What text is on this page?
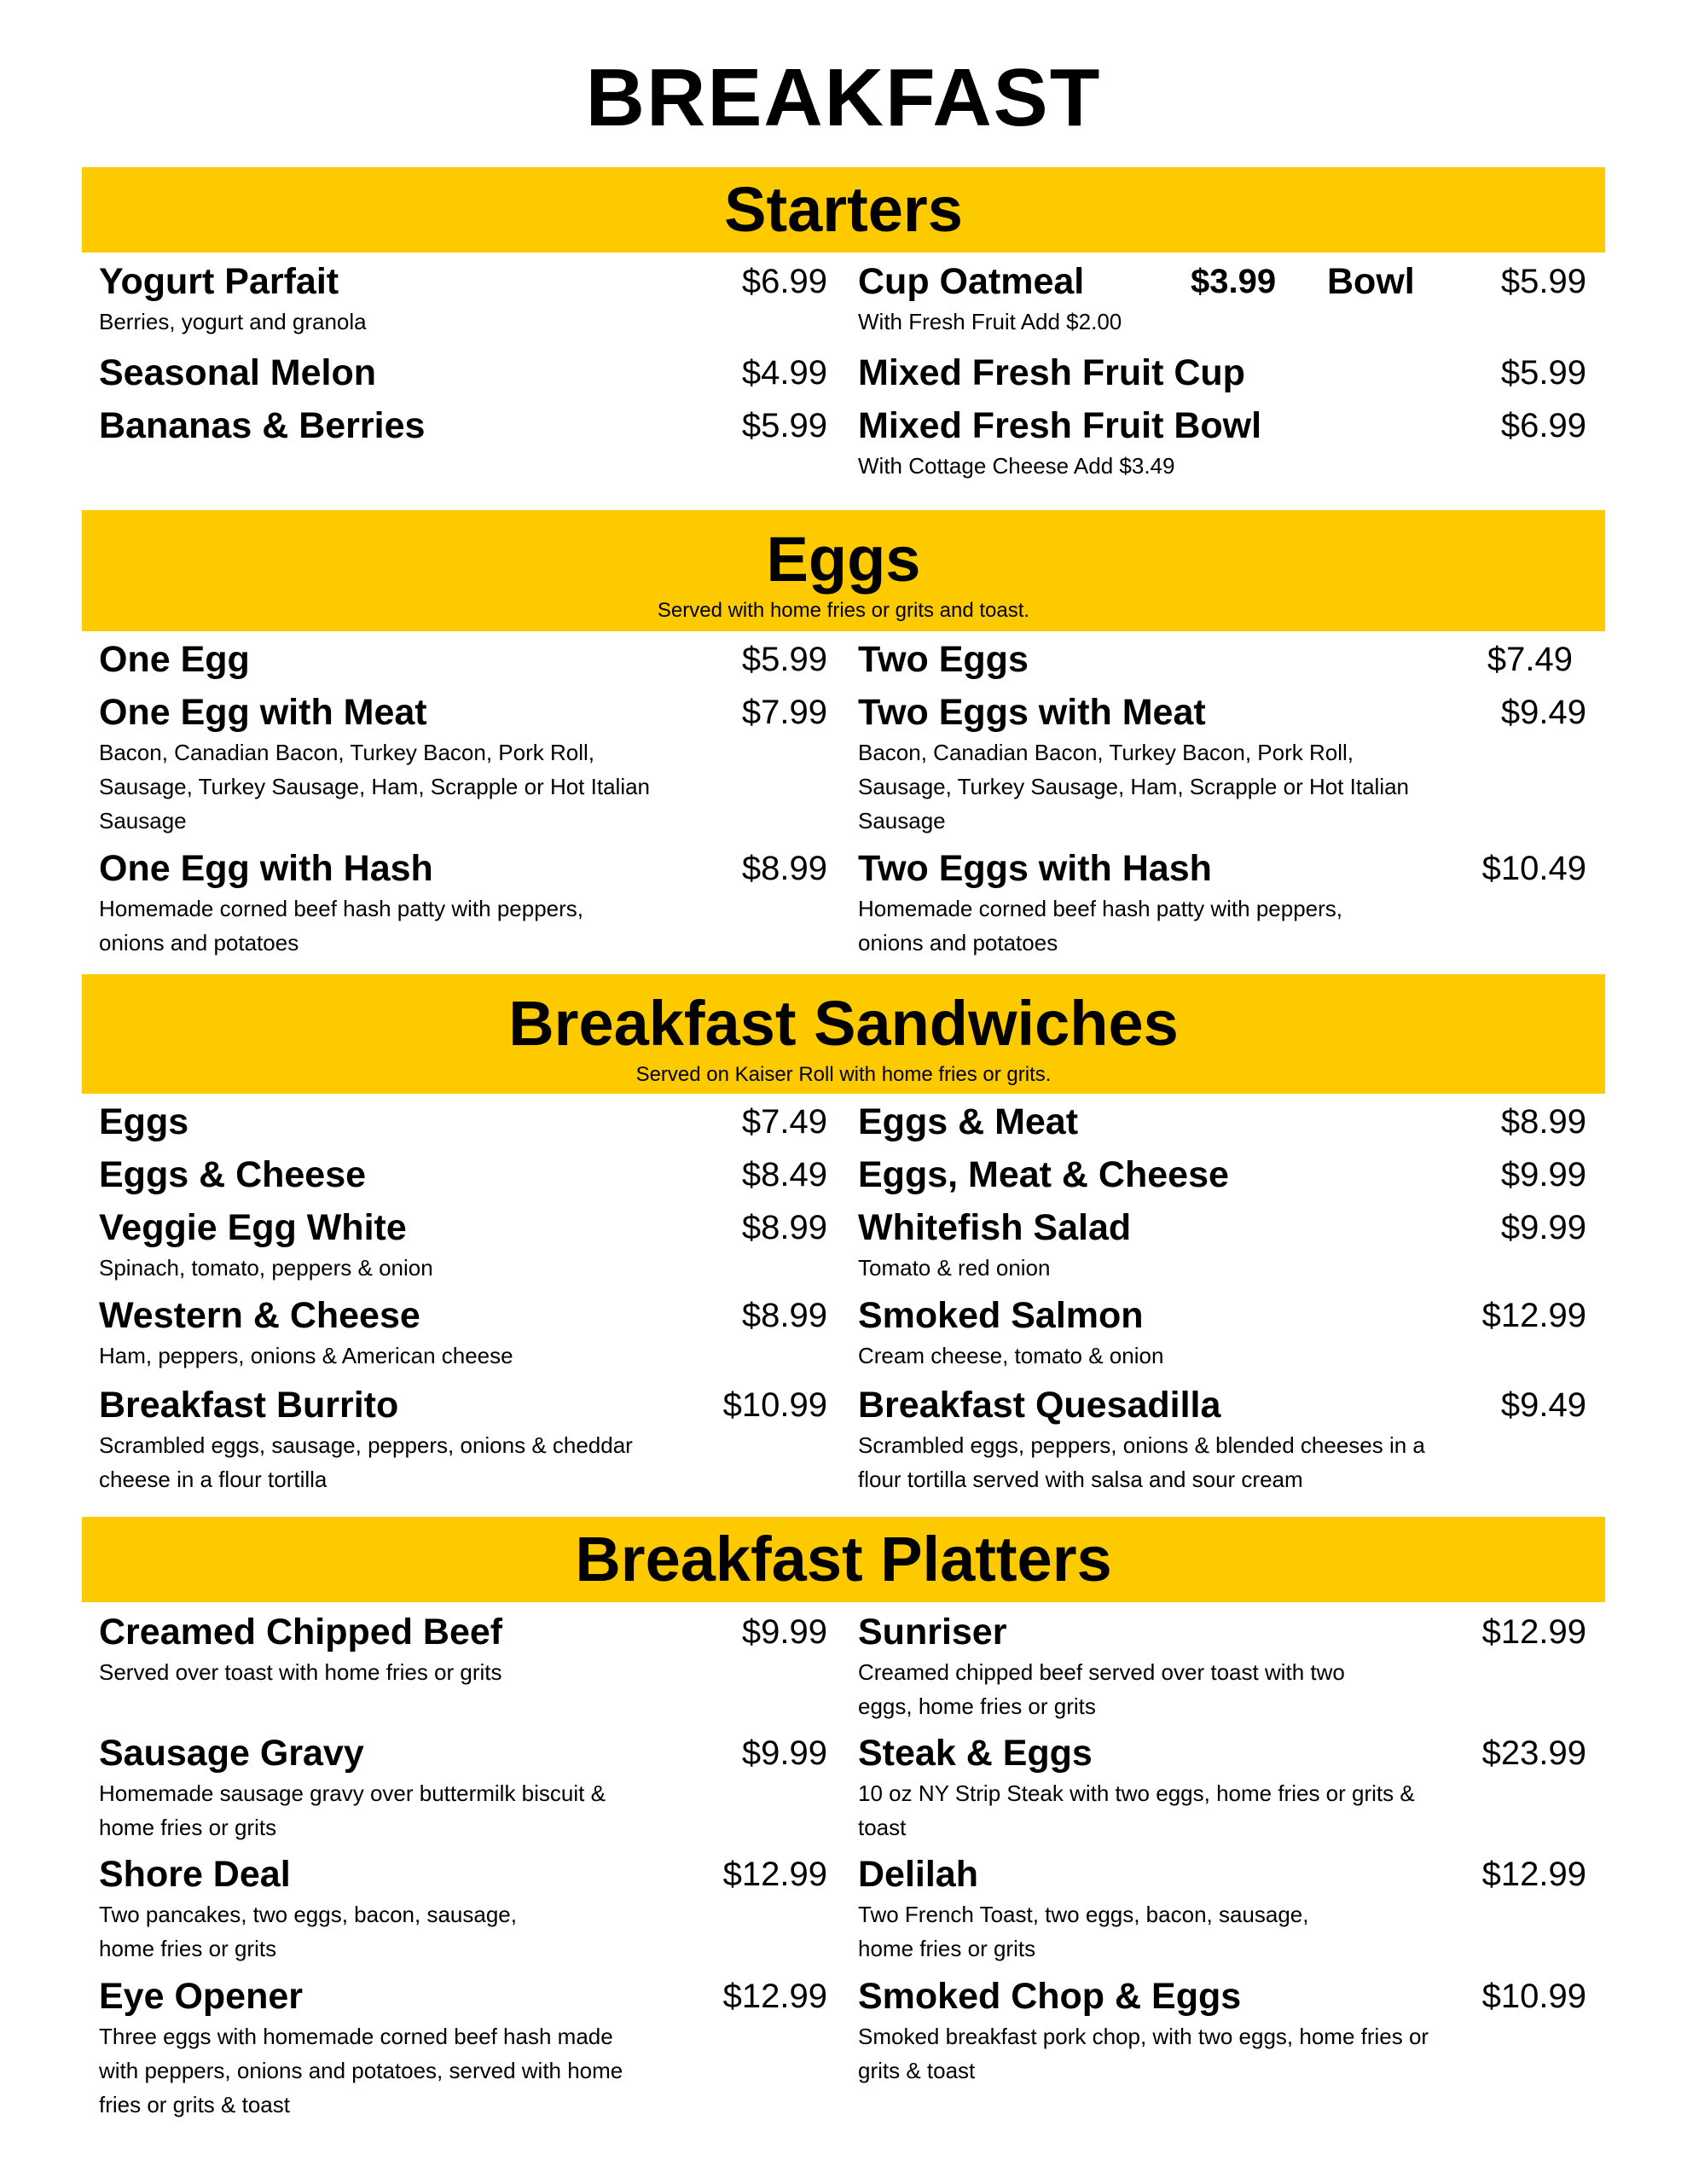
BREAKFAST
Starters
Yogurt Parfait	$6.99
Berries, yogurt and granola
Seasonal Melon	$4.99
Bananas & Berries	$5.99
Cup Oatmeal	$3.99 Bowl	$5.99
With Fresh Fruit Add $2.00
Mixed Fresh Fruit Cup	$5.99
Mixed Fresh Fruit Bowl	$6.99
With Cottage Cheese Add $3.49
Eggs
Served with home fries or grits and toast.
One Egg	$5.99
One Egg with Meat	$7.99
Bacon, Canadian Bacon, Turkey Bacon, Pork Roll, Sausage, Turkey Sausage, Ham, Scrapple or Hot Italian Sausage
One Egg with Hash	$8.99
Homemade corned beef hash patty with peppers, onions and potatoes
Two Eggs	$7.49
Two Eggs with Meat	$9.49
Bacon, Canadian Bacon, Turkey Bacon, Pork Roll, Sausage, Turkey Sausage, Ham, Scrapple or Hot Italian Sausage
Two Eggs with Hash	$10.49
Homemade corned beef hash patty with peppers, onions and potatoes
Breakfast Sandwiches
Served on Kaiser Roll with home fries or grits.
Eggs	$7.49
Eggs & Cheese	$8.49
Veggie Egg White	$8.99
Spinach, tomato, peppers & onion
Western & Cheese	$8.99
Ham, peppers, onions & American cheese
Breakfast Burrito	$10.99
Scrambled eggs, sausage, peppers, onions & cheddar cheese in a flour tortilla
Eggs & Meat	$8.99
Eggs, Meat & Cheese	$9.99
Whitefish Salad	$9.99
Tomato & red onion
Smoked Salmon	$12.99
Cream cheese, tomato & onion
Breakfast Quesadilla	$9.49
Scrambled eggs, peppers, onions & blended cheeses in a flour tortilla served with salsa and sour cream
Breakfast Platters
Creamed Chipped Beef	$9.99
Served over toast with home fries or grits
Sausage Gravy	$9.99
Homemade sausage gravy over buttermilk biscuit & home fries or grits
Shore Deal	$12.99
Two pancakes, two eggs, bacon, sausage, home fries or grits
Eye Opener	$12.99
Three eggs with homemade corned beef hash made with peppers, onions and potatoes, served with home fries or grits & toast
Sunriser	$12.99
Creamed chipped beef served over toast with two eggs, home fries or grits
Steak & Eggs	$23.99
10 oz NY Strip Steak with two eggs, home fries or grits & toast
Delilah	$12.99
Two French Toast, two eggs, bacon, sausage, home fries or grits
Smoked Chop & Eggs	$10.99
Smoked breakfast pork chop, with two eggs, home fries or grits & toast
